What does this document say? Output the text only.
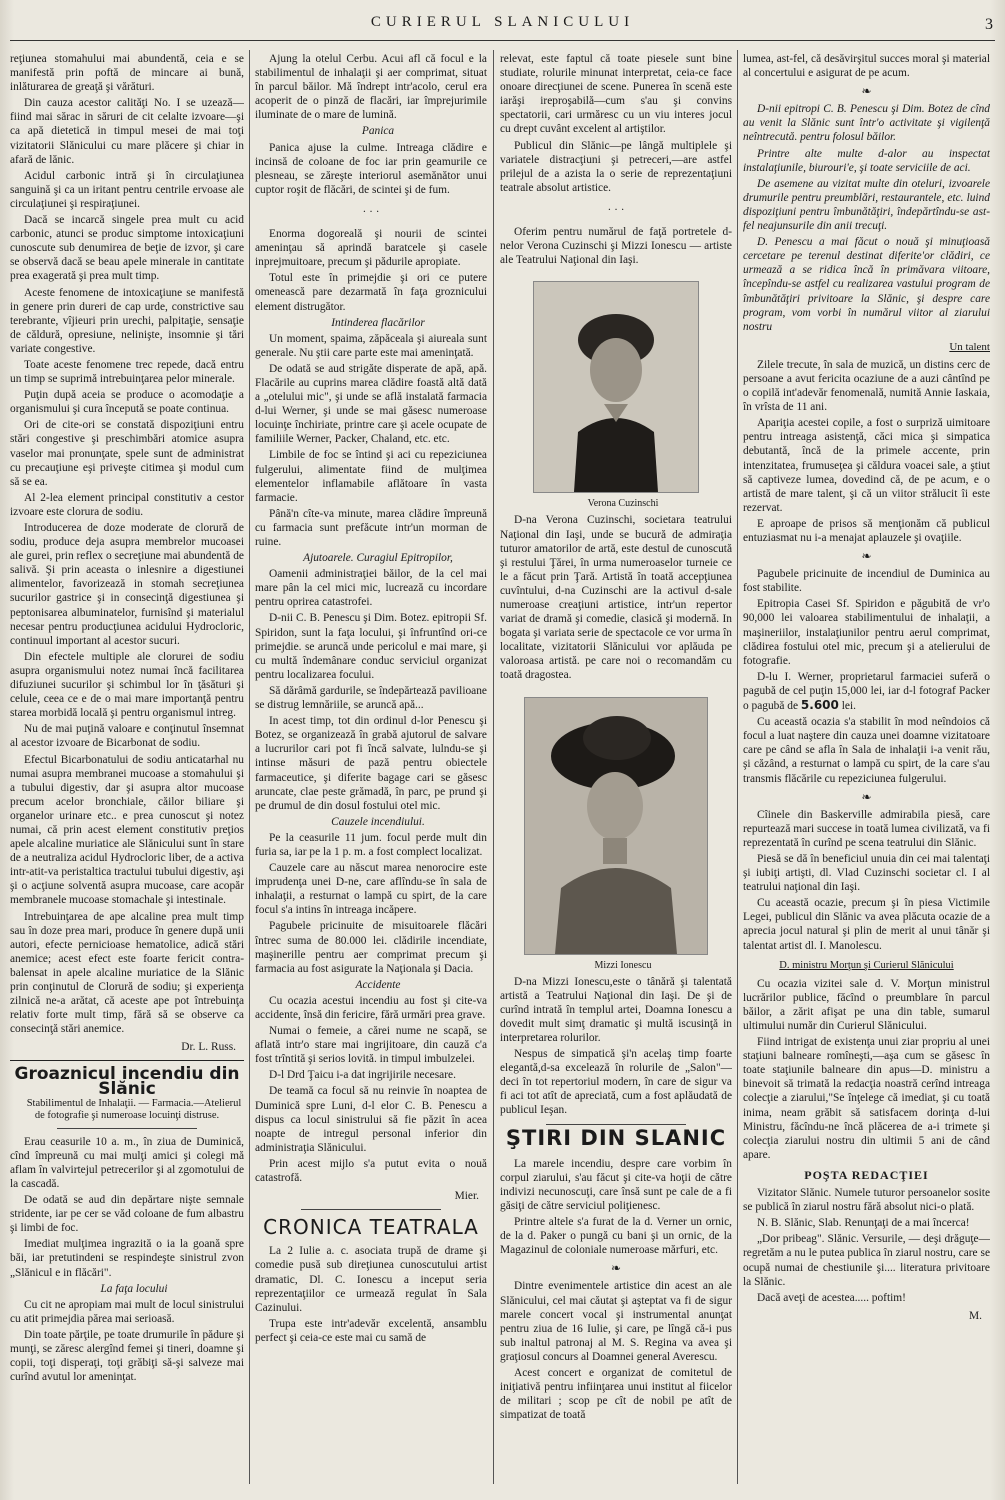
CURIERUL SLANICULUI	3

reţiunea stomahului mai abundentă, ceia e se manifestă prin poftă de mincare ai bună, inlăturarea de greaţă şi vărături.

Din cauza acestor calităţi No. I se uzează—fiind mai sărac in săruri de cit celalte izvoare—şi ca apă dietetică in timpul mesei de mai toţi vizitatorii Slănicului cu mare plăcere şi chiar in afară de lănic.

Acidul carbonic intră şi în circulaţiunea sanguină şi ca un iritant pentru centrile ervoase ale circulaţiunei şi respiraţiunei.

Dacă se incarcă singele prea mult cu acid carbonic, atunci se produc simptome intoxicaţiuni cunoscute sub denumirea de beţie de izvor, şi care se observă dacă se beau apele minerale in cantitate prea exagerată şi prea mult timp.

Aceste fenomene de intoxicaţiune se manifestă in genere prin dureri de cap urde, constrictive sau terebrante, vîjieuri prin urechi, palpitaţie, sensaţie de căldură, opresiune, nelinişte, insomnie şi tări variate congestive.

Toate aceste fenomene trec repede, dacă entru un timp se suprimă intrebuinţarea pelor minerale.

Puţin după aceia se produce o acomodaţie a organismului şi cura începută se poate continua.

Ori de cite-ori se constată dispoziţiuni entru stări congestive şi preschimbări atomice asupra vaselor mai pronunţate, spele sunt de administrat cu precauţiune eşi priveşte citimea şi modul cum să se ea.

Al 2-lea element principal constitutiv a cestor izvoare este clorura de sodiu.

Introducerea de doze moderate de clorură de sodiu, produce deja asupra membrelor mucoasei ale gurei, prin reflex o secreţiune mai abundentă de salivă. Şi prin aceasta o inlesnire a digestiunei alimentelor, favorizează in stomah secreţiunea sucurilor gastrice şi in consecinţă digestiunea şi peptonisarea albuminatelor, furnisînd şi materialul necesar pentru producţiunea acidului Hydrocloric, continuul important al acestor sucuri.

Din efectele multiple ale clorurei de sodiu asupra organismului notez numai încă facilitarea difuziunei sucurilor şi schimbul lor în ţăsături şi celule, ceea ce e de o mai mare importanţă pentru starea morbidă locală şi pentru organismul intreg.

Nu de mai puţină valoare e conţinutul însemnat al acestor izvoare de Bicarbonat de sodiu.

Efectul Bicarbonatului de sodiu anticatarhal nu numai asupra membranei mucoase a stomahului şi a tubului digestiv, dar şi asupra altor mucoase precum acelor bronchiale, căilor biliare şi organelor urinare etc.. e prea cunoscut şi notez numai, că prin acest element constitutiv preţios apele alcaline muriatice ale Slănicului sunt în stare de a neutraliza acidul Hydrocloric liber, de a activa intr-atit-va peristaltica tractului tubului digestiv, aşi şi o acţiune solventă asupra mucoase, care acopăr membranele mucoase stomachale şi intestinale.

Intrebuinţarea de ape alcaline prea mult timp sau în doze prea mari, produce în genere după unii autori, efecte pernicioase hematolice, adică stări anemice; acest efect este foarte fericit contra-balensat in apele alcaline muriatice de la Slănic prin conţinutul de Clorură de sodiu; şi experienţa zilnică ne-a arătat, că aceste ape pot întrebuinţa relativ forte mult timp, fără să se observe ca consecinţă stări anemice.

Dr. L. Russ.
Groaznicul incendiu din Slănic

Stabilimentul de Inhalaţii. — Farmacia.—Atelierul de fotografie şi numeroase locuinţi distruse.

Erau ceasurile 10 a. m., în ziua de Duminică, cînd împreună cu mai mulţi amici şi colegi mă aflam în valvirtejul petrecerilor şi al zgomotului de la cascadă.

De odată se aud din depărtare nişte semnale stridente, iar pe cer se văd coloane de fum albastru şi limbi de foc.

Imediat mulţimea ingrazită o ia la goană spre băi, iar pretutindeni se respindeşte sinistrul zvon „Slănicul e in flăcări".

La faţa locului

Cu cit ne apropiam mai mult de locul sinistrului cu atit primejdia părea mai serioasă.

Din toate părţile, pe toate drumurile în pădure şi munţi, se zăresc alergînd femei şi tineri, doamne şi copii, toţi disperaţi, toţi grăbiţi să-şi salveze mai curînd avutul lor ameninţat.

Ajung la otelul Cerbu. Acui afl că focul e la stabilimentul de inhalaţii şi aer comprimat, situat în parcul băilor. Mă îndrept intr'acolo, cerul era acoperit de o pinză de flacări, iar împrejurimile iluminate de o mare de lumină.

Panica

Panica ajuse la culme. Intreaga clădire e incinsă de coloane de foc iar prin geamurile ce plesneau, se zăreşte interiorul asemănător unui cuptor roşit de flăcări, de scintei şi de fum.

· · ·

Enorma dogoreală şi nourii de scintei ameninţau să aprindă baratcele şi casele inprejmuitoare, precum şi pădurile apropiate.

Totul este în primejdie şi ori ce putere omenească pare dezarmată în faţa groznicului element distrugător.

Intinderea flacărilor

Un moment, spaima, zăpăceala şi aiureala sunt generale. Nu ştii care parte este mai ameninţată.

De odată se aud strigăte disperate de apă, apă. Flacările au cuprins marea clădire foastă altă dată a „otelului mic", şi unde se află instalată farmacia d-lui Werner, şi unde se mai găsesc numeroase locuinţe închiriate, printre care şi acele ocupate de familiile Werner, Packer, Chaland, etc. etc.

Limbile de foc se întind şi aci cu repeziciunea fulgerului, alimentate fiind de mulţimea elementelor inflamabile aflătoare în vasta farmacie.

Până'n cîte-va minute, marea clădire împreună cu farmacia sunt prefăcute intr'un morman de ruine.

Ajutoarele. Curagiul Epitropilor,

Oamenii administraţiei băilor, de la cel mai mare pân la cel mici mic, lucrează cu incordare pentru oprirea catastrofei.

D-nii C. B. Penescu şi Dim. Botez. epitropii Sf. Spiridon, sunt la faţa locului, şi înfruntînd ori-ce primejdie. se aruncă unde pericolul e mai mare, şi cu multă îndemânare conduc serviciul organizat pentru localizarea focului.

Să dărâmă gardurile, se îndepărtează pavilioane se distrug lemnăriile, se aruncă apă...

In acest timp, tot din ordinul d-lor Penescu şi Botez, se organizează în grabă ajutorul de salvare a lucrurilor cari pot fi încă salvate, lulndu-se şi intinse măsuri de pază pentru obiectele farmaceutice, şi diferite bagage cari se găsesc aruncate, clae peste grămadă, în parc, pe prund şi pe drumul de din dosul fostului otel mic.

Cauzele incendiului.

Pe la ceasurile 11 jum. focul perde mult din furia sa, iar pe la 1 p. m. a fost complect localizat.

Cauzele care au născut marea nenorocire este imprudenţa unei D-ne, care aflîndu-se în sala de inhalaţii, a resturnat o lampă cu spirt, de la care focul s'a intins în intreaga incăpere.

Pagubele pricinuite de misuitoarele flăcări întrec suma de 80.000 lei. clădirile incendiate, maşinerille pentru aer comprimat precum şi farmacia au fost asigurate la Naţionala şi Dacia.

Accidente

Cu ocazia acestui incendiu au fost şi cite-va accidente, însă din fericire, fără urmări prea grave.

Numai o femeie, a cărei nume ne scapă, se aflată intr'o stare mai ingrijitoare, din cauză c'a fost trîntită şi serios lovită. in timpul imbulzelei.

D-l Drd Ţaicu i-a dat ingrijirile necesare.

De teamă ca focul să nu reinvie în noaptea de Duminică spre Luni, d-l elor C. B. Penescu a dispus ca locul sinistrului să fie păzit în acea noapte de intregul personal inferior din administraţia Slănicului.

Prin acest mijlo s'a putut evita o nouă catastrofă.

Mier.
CRONICA TEATRALA

La 2 Iulie a. c. asociata trupă de drame şi comedie pusă sub direţiunea cunoscutului artist dramatic, Dl. C. Ionescu a inceput seria reprezentaţiilor ce urmează regulat în Sala Cazinului.

Trupa este intr'adevăr excelentă, ansamblu perfect şi ceia-ce este mai cu samă de

relevat, este faptul că toate piesele sunt bine studiate, rolurile minunat interpretat, ceia-ce face onoare direcţiunei de scene. Punerea în scenă este iarăşi ireproşabilă—cum s'au şi convins spectatorii, cari urmăresc cu un viu interes jocul cu drept cuvânt excelent al artiştilor.

Publicul din Slănic—pe lângă multiplele şi variatele distracţiuni şi petreceri,—are astfel prilejul de a azista la o serie de reprezentaţiuni teatrale absolut artistice.

· · ·

Oferim pentru numărul de faţă portretele d-nelor Verona Cuzinschi şi Mizzi Ionescu — artiste ale Teatrului Naţional din Iaşi.

Verona Cuzinschi

D-na Verona Cuzinschi, societara teatrului Naţional din Iaşi, unde se bucură de admiraţia tuturor amatorilor de artă, este destul de cunoscută şi restului Ţărei, în urma numeroaselor turneie ce le a făcut prin Ţară. Artistă în toată accepţiunea cuvîntului, d-na Cuzinschi are la activul d-sale numeroase creaţiuni artistice, intr'un repertor variat de dramă şi comedie, clasică şi modernă. In bogata şi variata serie de spectacole ce vor urma în localitate, vizitatorii Slănicului vor aplăuda pe valoroasa artistă. pe care noi o recomandăm cu toată dragostea.

Mizzi Ionescu

D-na Mizzi Ionescu,este o tânără şi talentată artistă a Teatrului Naţional din Iaşi. De şi de curînd intrată în templul artei, Doamna Ionescu a dovedit mult simţ dramatic şi multă iscusinţă in interpretarea rolurilor.

Nespus de simpatică şi'n acelaş timp foarte elegantă,d-sa excelează în rolurile de „Salon"—deci în tot repertoriul modern, în care de sigur va fi aci tot atît de apreciată, cum a fost aplăudată de publicul Ieşan.

ŞTIRI DIN SLANIC

La marele incendiu, despre care vorbim în corpul ziarului, s'au făcut şi cite-va hoţii de către indivizi necunoscuţi, care însă sunt pe cale de a fi găsiţi de către serviciul poliţienesc.

Printre altele s'a furat de la d. Verner un ornic, de la d. Paker o pungă cu bani şi un ornic, de la Magazinul de coloniale numeroase mărfuri, etc.

❧

Dintre evenimentele artistice din acest an ale Slănicului, cel mai căutat şi aşteptat va fi de sigur marele concert vocal şi instrumental anunţat pentru ziua de 16 Iulie, şi care, pe lîngă că-i pus sub inaltul patronaj al M. S. Regina va avea şi graţiosul concurs al Doamnei general Averescu.

Acest concert e organizat de comitetul de iniţiativă pentru infiinţarea unui institut al fiicelor de militari ; scop pe cît de nobil pe atît de simpatizat de toată

lumea, ast-fel, că desăvirşitul succes moral şi material al concertului e asigurat de pe acum.

❧

D-nii epitropi C. B. Penescu şi Dim. Botez de cînd au venit la Slănic sunt într'o activitate şi vigilenţă neîntrecută. pentru folosul băilor.

Printre alte multe d-alor au inspectat instalaţiunile, biurouri'e, şi toate serviciile de aci.

De asemene au vizitat multe din oteluri, izvoarele drumurile pentru preumblări, restaurantele, etc. luind dispoziţiuni pentru îmbunătăţiri, îndepărtîndu-se ast-fel neajunsurile din anii trecuţi.

D. Penescu a mai făcut o nouă şi minuţioasă cercetare pe terenul destinat diferite'or clădiri, ce urmează a se ridica încă în primăvara viitoare, începîndu-se astfel cu realizarea vastului program de îmbunătăţiri privitoare la Slănic, şi despre care program, vom vorbi în numărul viitor al ziarului nostru

Un talent

Zilele trecute, în sala de muzică, un distins cerc de persoane a avut fericita ocaziune de a auzi cântînd pe o copilă int'adevăr fenomenală, numită Annie Iaskaia, în vrîsta de 11 ani.

Apariţia acestei copile, a fost o surpriză uimitoare pentru intreaga asistenţă, căci mica şi simpatica debutantă, încă de la primele accente, prin intenzitatea, frumuseţea şi căldura voacei sale, a ştiut să captiveze lumea, dovedind că, de pe acum, e o artistă de mare talent, şi că un viitor strălucit îi este rezervat.

E aproape de prisos să menţionăm că publicul entuziasmat nu i-a menajat aplauzele şi ovaţiile.

❧

Pagubele pricinuite de incendiul de Duminica au fost stabilite.

Epitropia Casei Sf. Spiridon e păgubită de vr'o 90,000 lei valoarea stabilimentului de inhalaţii, a maşineriilor, instalaţiunilor pentru aerul comprimat, clădirea fostului otel mic, precum şi a atelierului de fotografie.

D-lu I. Werner, proprietarul farmaciei suferă o pagubă de cel puţin 15,000 lei, iar d-l fotograf Packer o pagubă de 5.600 lei.

Cu această ocazia s'a stabilit în mod neîndoios că focul a luat naştere din cauza unei doamne vizitatoare care pe când se afla în Sala de inhalaţii i-a venit rău, şi căzând, a resturnat o lampă cu spirt, de la care s'au transmis flăcările cu repeziciunea fulgerului.

❧

Cîinele din Baskerville admirabila piesă, care repurtează mari succese in toată lumea civilizată, va fi reprezentată în curînd pe scena teatrului din Slănic.

Piesă se dă în beneficiul unuia din cei mai talentaţi şi iubiţi artişti, dl. Vlad Cuzinschi societar cl. I al teatrului naţional din Iaşi.

Cu această ocazie, precum şi în piesa Victimile Legei, publicul din Slănic va avea plăcuta ocazie de a aprecia jocul natural şi plin de merit al unui tânăr şi talentat artist dl. I. Manolescu.

D. ministru Morţun şi Curierul Slănicului

Cu ocazia vizitei sale d. V. Morţun ministrul lucrărilor publice, făcînd o preumblare în parcul băilor, a zărit afişat pe una din table, sumarul ultimului număr din Curierul Slănicului.

Fiind intrigat de existenţa unui ziar propriu al unei staţiuni balneare romîneşti,—aşa cum se găsesc în toate staţiunile balneare din apus—D. ministru a binevoit să trimată la redacţia noastră cerînd intreaga colecţie a ziarului,"Se înţelege că imediat, şi cu toată inima, neam grăbit să satisfacem dorinţa d-lui Ministru, făcîndu-ne încă plăcerea de a-i trimete şi colecţia ziarului nostru din ultimii 5 ani de când apare.

POŞTA REDACŢIEI

Vizitator Slănic. Numele tuturor persoanelor sosite se publică în ziarul nostru fără absolut nici-o plată.

N. B. Slănic, Slab. Renunţaţi de a mai încerca!

„Dor pribeag". Slănic. Versurile, — deşi drăguţe—regretăm a nu le putea publica în ziarul nostru, care se ocupă numai de chestiunile şi.... literatura privitoare la Slănic.

Dacă aveţi de acestea..... poftim!

M.
